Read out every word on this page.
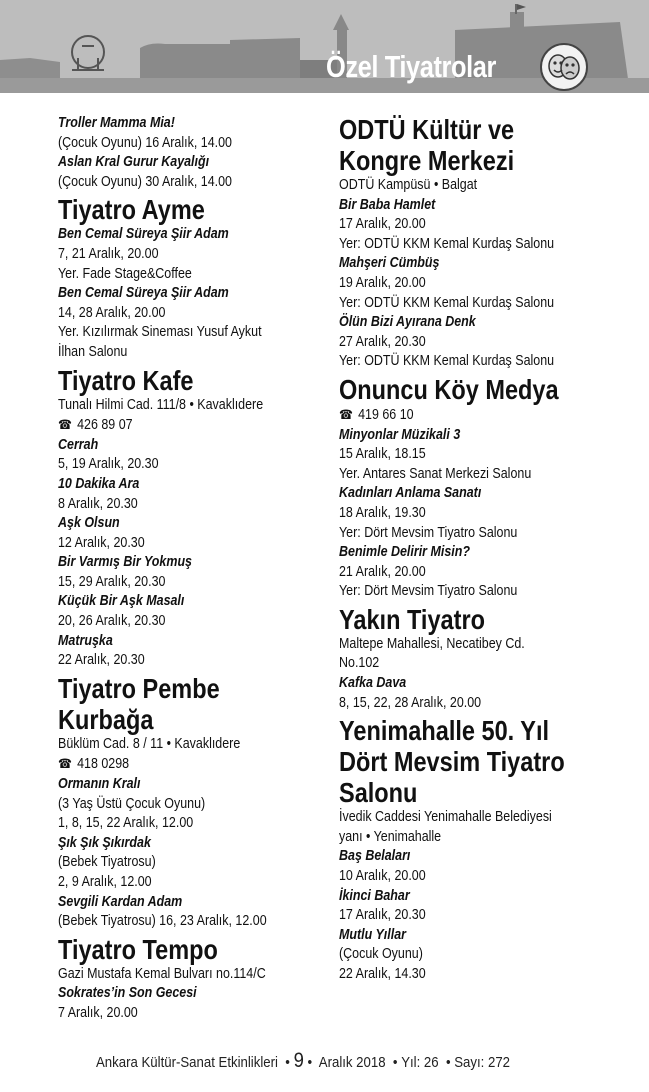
Özel Tiyatrolar
Troller Mamma Mia!
(Çocuk Oyunu) 16 Aralık, 14.00
Aslan Kral Gurur Kayalığı
(Çocuk Oyunu) 30 Aralık, 14.00
Tiyatro Ayme
Ben Cemal Süreya Şiir Adam
7, 21 Aralık, 20.00
Yer. Fade Stage&Coffee
Ben Cemal Süreya Şiir Adam
14, 28 Aralık, 20.00
Yer. Kızılırmak Sineması Yusuf Aykut
İlhan Salonu
Tiyatro Kafe
Tunalı Hilmi Cad. 111/8 • Kavaklıdere
☎ 426 89 07
Cerrah
5, 19 Aralık, 20.30
10 Dakika Ara
8 Aralık, 20.30
Aşk Olsun
12 Aralık, 20.30
Bir Varmış Bir Yokmuş
15, 29 Aralık, 20.30
Küçük Bir Aşk Masalı
20, 26 Aralık, 20.30
Matruşka
22 Aralık, 20.30
Tiyatro Pembe
Kurbağa
Büklüm Cad. 8 / 11 • Kavaklıdere
☎ 418 0298
Ormanın Kralı
(3 Yaş Üstü Çocuk Oyunu)
1, 8, 15, 22 Aralık, 12.00
Şık Şık Şıkırdak
(Bebek Tiyatrosu)
2, 9 Aralık, 12.00
Sevgili Kardan Adam
(Bebek Tiyatrosu) 16, 23 Aralık, 12.00
Tiyatro Tempo
Gazi Mustafa Kemal Bulvarı no.114/C
Sokrates’in Son Gecesi
7 Aralık, 20.00
ODTÜ Kültür ve
Kongre Merkezi
ODTÜ Kampüsü • Balgat
Bir Baba Hamlet
17 Aralık, 20.00
Yer: ODTÜ KKM Kemal Kurdaş Salonu
Mahşeri Cümbüş
19 Aralık, 20.00
Yer: ODTÜ KKM Kemal Kurdaş Salonu
Ölün Bizi Ayırana Denk
27 Aralık, 20.30
Yer: ODTÜ KKM Kemal Kurdaş Salonu
Onuncu Köy Medya
☎ 419 66 10
Minyonlar Müzikali 3
15 Aralık, 18.15
Yer. Antares Sanat Merkezi Salonu
Kadınları Anlama Sanatı
18 Aralık, 19.30
Yer: Dört Mevsim Tiyatro Salonu
Benimle Delirir Misin?
21 Aralık, 20.00
Yer: Dört Mevsim Tiyatro Salonu
Yakın Tiyatro
Maltepe Mahallesi, Necatibey Cd.
No.102
Kafka Dava
8, 15, 22, 28 Aralık, 20.00
Yenimahalle 50. Yıl
Dört Mevsim Tiyatro
Salonu
İvedik Caddesi Yenimahalle Belediyesi
yanı • Yenimahalle
Baş Belaları
10 Aralık, 20.00
İkinci Bahar
17 Aralık, 20.30
Mutlu Yıllar
(Çocuk Oyunu)
22 Aralık, 14.30
Ankara Kültür-Sanat Etkinlikleri  • 9 •  Aralık 2018  • Yıl: 26  • Sayı: 272
